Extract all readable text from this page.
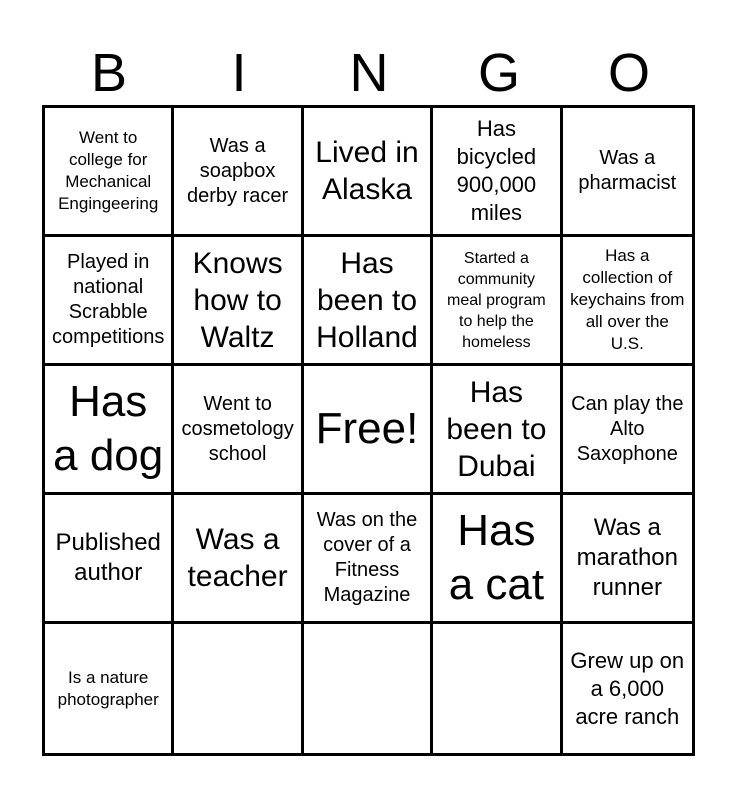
B	I	N	G	O
Went to college for Mechanical Engingeering
Was a soapbox derby racer
Lived in Alaska
Has bicycled 900,000 miles
Was a pharmacist
Played in national Scrabble competitions
Knows how to Waltz
Has been to Holland
Started a community meal program to help the homeless
Has a collection of keychains from all over the U.S.
Has a dog
Went to cosmetology school
Free!
Has been to Dubai
Can play the Alto Saxophone
Published author
Was a teacher
Was on the cover of a Fitness Magazine
Has a cat
Was a marathon runner
Is a nature photographer
Grew up on a 6,000 acre ranch
